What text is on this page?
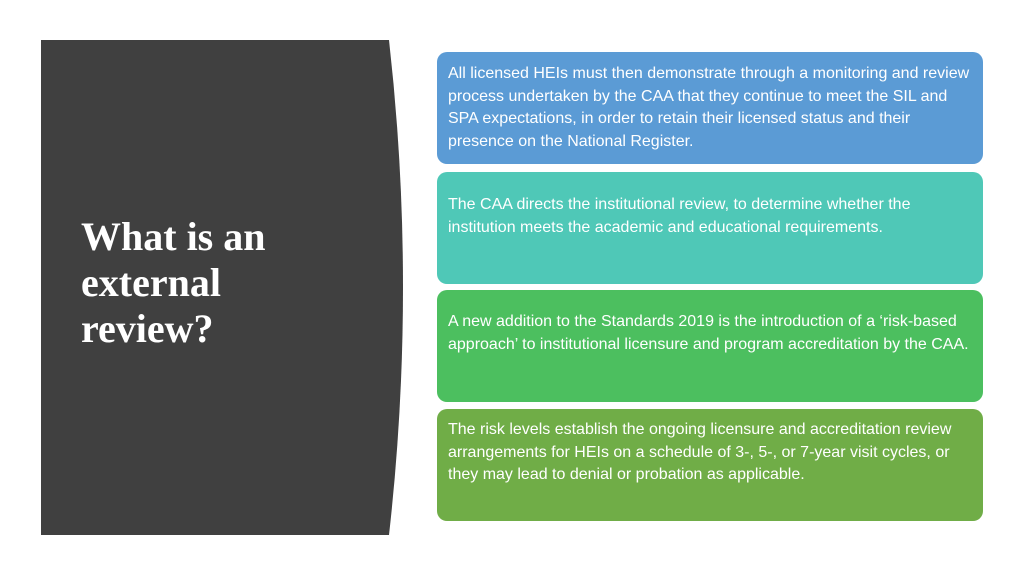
What is an
external
review?
All licensed HEIs must then demonstrate through a monitoring and review process undertaken by the CAA that they continue to meet the SIL and SPA expectations, in order to retain their licensed status and their presence on the National Register.
The CAA directs the institutional review, to determine whether the institution meets the academic and educational requirements.
A new addition to the Standards 2019 is the introduction of a ‘risk-based approach’ to institutional licensure and program accreditation by the CAA.
The risk levels establish the ongoing licensure and accreditation review arrangements for HEIs on a schedule of 3-, 5-, or 7-year visit cycles, or they may lead to denial or probation as applicable.
